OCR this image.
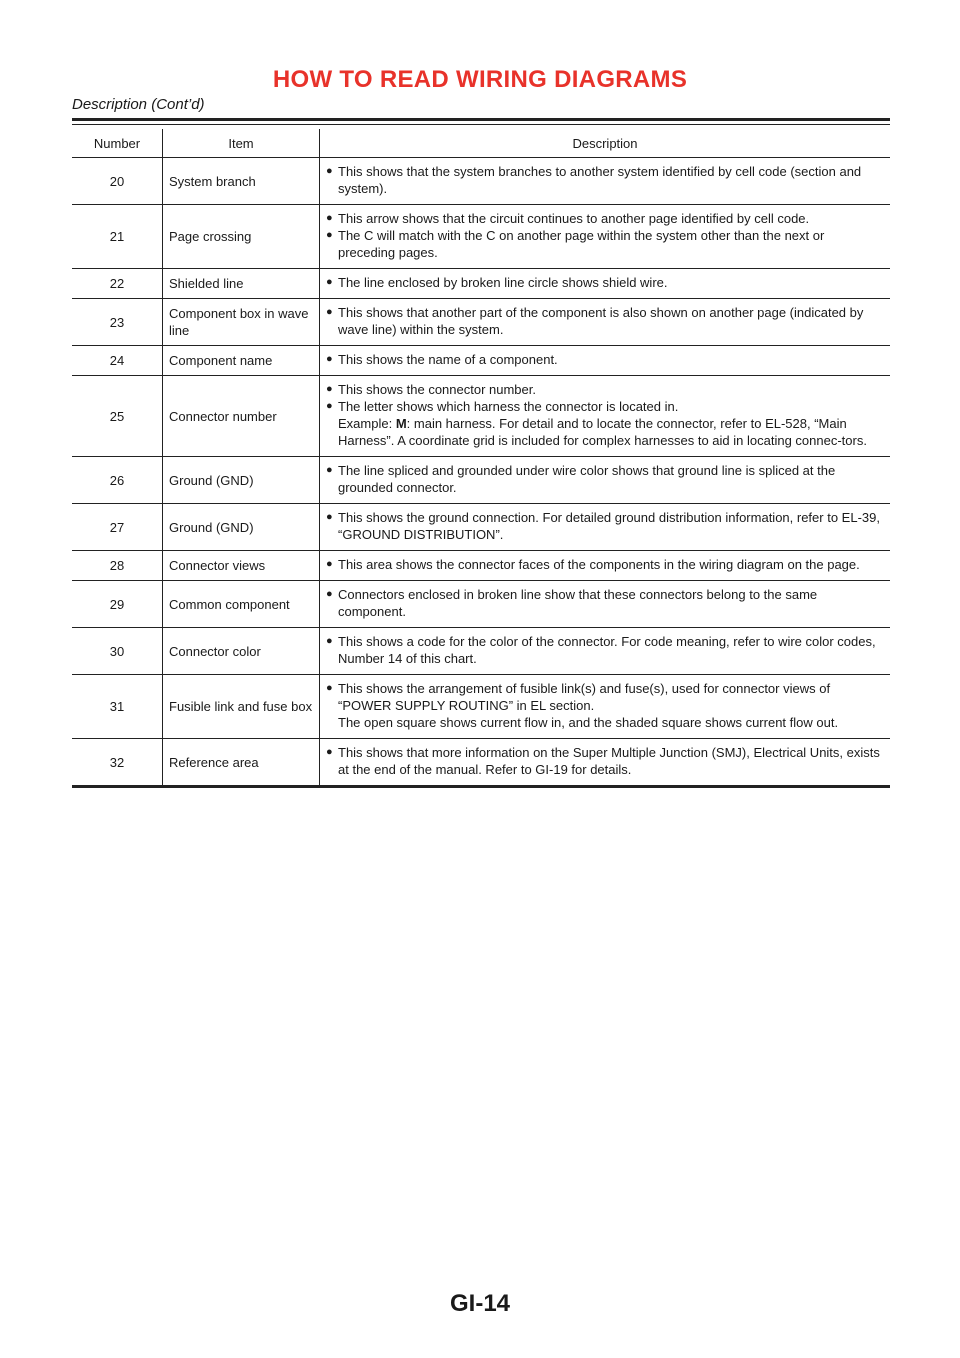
HOW TO READ WIRING DIAGRAMS
Description (Cont’d)
Number	Item	Description
20	System branch	● This shows that the system branches to another system identified by cell code (section and system).

21	Page crossing	● This arrow shows that the circuit continues to another page identified by cell code.
● The C will match with the C on another page within the system other than the next or preceding pages.

22	Shielded line	● The line enclosed by broken line circle shows shield wire.

23	Component box in wave line	● This shows that another part of the component is also shown on another page (indicated by wave line) within the system.

24	Component name	● This shows the name of a component.

25	Connector number	● This shows the connector number.
● The letter shows which harness the connector is located in.
Example: M: main harness. For detail and to locate the connector, refer to EL-528, “Main Harness”. A coordinate grid is included for complex harnesses to aid in locating connec-tors.

26	Ground (GND)	● The line spliced and grounded under wire color shows that ground line is spliced at the grounded connector.

27	Ground (GND)	● This shows the ground connection. For detailed ground distribution information, refer to EL-39, “GROUND DISTRIBUTION”.

28	Connector views	● This area shows the connector faces of the components in the wiring diagram on the page.

29	Common component	● Connectors enclosed in broken line show that these connectors belong to the same component.

30	Connector color	● This shows a code for the color of the connector. For code meaning, refer to wire color codes, Number 14 of this chart.

31	Fusible link and fuse box	● This shows the arrangement of fusible link(s) and fuse(s), used for connector views of “POWER SUPPLY ROUTING” in EL section.
The open square shows current flow in, and the shaded square shows current flow out.

32	Reference area	● This shows that more information on the Super Multiple Junction (SMJ), Electrical Units, exists at the end of the manual. Refer to GI-19 for details.
GI-14
